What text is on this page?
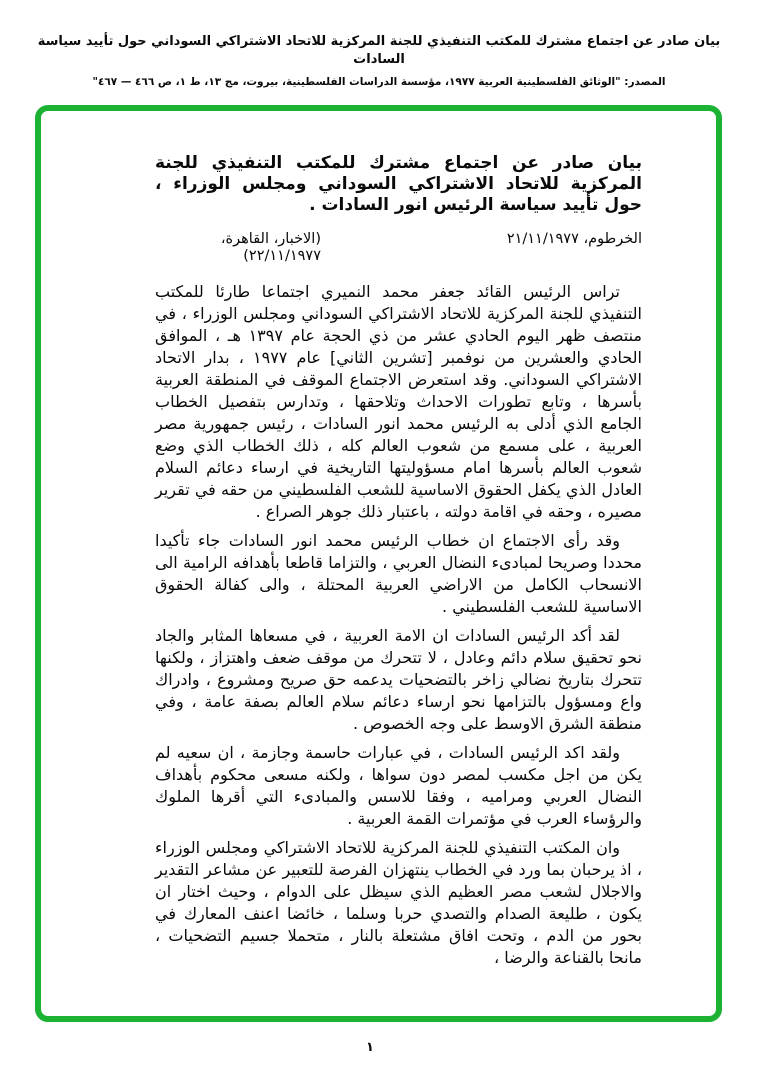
بيان صادر عن اجتماع مشترك للمكتب التنفيذي للجنة المركزية للاتحاد الاشتراكي السوداني حول تأييد سياسة السادات
المصدر: "الوثائق الفلسطينية العربية ١٩٧٧، مؤسسة الدراسات الفلسطينية، بيروت، مج ١٣، ط ١، ص ٤٦٦ — ٤٦٧"
بيان صادر عن اجتماع مشترك للمكتب التنفيذي للجنة المركزية للاتحاد الاشتراكي السوداني ومجلس الوزراء ، حول تأييد سياسة الرئيس انور السادات .
الخرطوم، ٢١/١١/١٩٧٧
(الاخبار، القاهرة، ٢٢/١١/١٩٧٧)

تراس الرئيس القائد جعفر محمد النميري اجتماعا طارئا للمكتب التنفيذي للجنة المركزية للاتحاد الاشتراكي السوداني ومجلس الوزراء ، في منتصف ظهر اليوم الحادي عشر من ذي الحجة عام ١٣٩٧ هـ ، الموافق الحادي والعشرين من نوفمبر [تشرين الثاني] عام ١٩٧٧ ، بدار الاتحاد الاشتراكي السوداني. وقد استعرض الاجتماع الموقف في المنطقة العربية بأسرها ، وتابع تطورات الاحداث وتلاحقها ، وتدارس بتفصيل الخطاب الجامع الذي أدلى به الرئيس محمد انور السادات ، رئيس جمهورية مصر العربية ، على مسمع من شعوب العالم كله ، ذلك الخطاب الذي وضع شعوب العالم بأسرها امام مسؤوليتها التاريخية في ارساء دعائم السلام العادل الذي يكفل الحقوق الاساسية للشعب الفلسطيني من حقه في تقرير مصيره ، وحقه في اقامة دولته ، باعتبار ذلك جوهر الصراع .

وقد رأى الاجتماع ان خطاب الرئيس محمد انور السادات جاء تأكيدا محددا وصريحا لمبادىء النضال العربي ، والتزاما قاطعا بأهدافه الرامية الى الانسحاب الكامل من الاراضي العربية المحتلة ، والى كفالة الحقوق الاساسية للشعب الفلسطيني .

لقد أكد الرئيس السادات ان الامة العربية ، في مسعاها المثابر والجاد نحو تحقيق سلام دائم وعادل ، لا تتحرك من موقف ضعف واهتزاز ، ولكنها تتحرك بتاريخ نضالي زاخر بالتضحيات يدعمه حق صريح ومشروع ، وادراك واع ومسؤول بالتزامها نحو ارساء دعائم سلام العالم بصفة عامة ، وفي منطقة الشرق الاوسط على وجه الخصوص .

ولقد اكد الرئيس السادات ، في عبارات حاسمة وجازمة ، ان سعيه لم يكن من اجل مكسب لمصر دون سواها ، ولكنه مسعى محكوم بأهداف النضال العربي ومراميه ، وفقا للاسس والمبادىء التي أقرها الملوك والرؤساء العرب في مؤتمرات القمة العربية .

وان المكتب التنفيذي للجنة المركزية للاتحاد الاشتراكي ومجلس الوزراء ، اذ يرحبان بما ورد في الخطاب ينتهزان الفرصة للتعبير عن مشاعر التقدير والاجلال لشعب مصر العظيم الذي سيظل على الدوام ، وحيث اختار ان يكون ، طليعة الصدام والتصدي حربا وسلما ، خائضا اعنف المعارك في بحور من الدم ، وتحت افاق مشتعلة بالنار ، متحملا جسيم التضحيات ، مانحا بالقناعة والرضا ،

١
